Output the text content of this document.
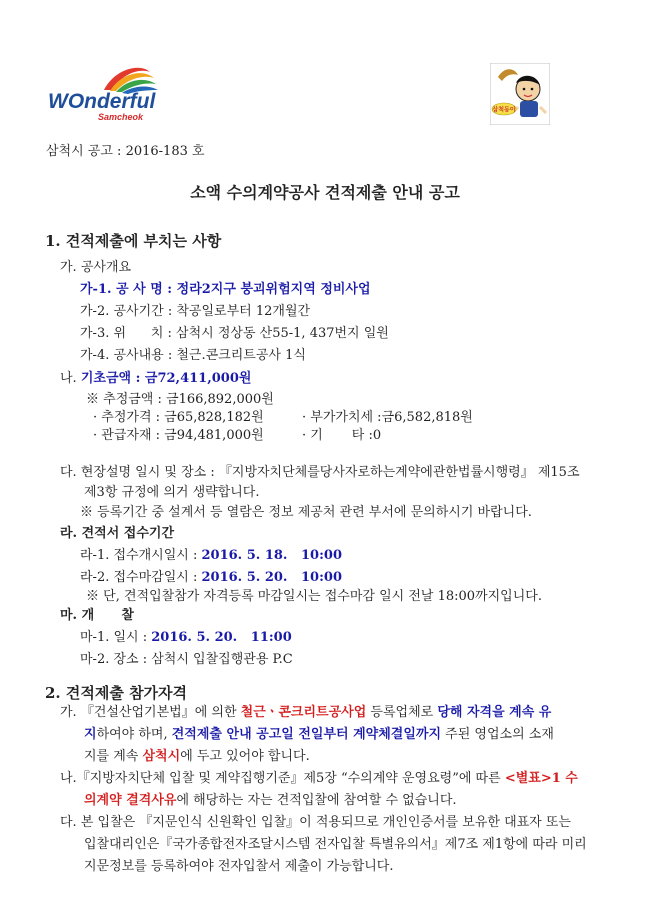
WOnderful
Samcheok
삼척동이
삼척시 공고 : 2016-183 호
소액 수의계약공사 견적제출 안내 공고
1. 견적제출에 부치는 사항
가. 공사개요
가-1. 공 사 명 : 정라2지구 붕괴위험지역 정비사업
가-2. 공사기간 : 착공일로부터 12개월간
가-3. 위      치 : 삼척시 정상동 산55-1, 437번지 일원
가-4. 공사내용 : 철근.콘크리트공사 1식
나. 기초금액 : 금72,411,000원
※ 추정금액 : 금166,892,000원
· 추정가격 : 금65,828,182원	· 부가가치세 :금6,582,818원
· 관급자재 : 금94,481,000원	· 기       타 :0
다. 현장설명 일시 및 장소 : 『지방자치단체를당사자로하는계약에관한법률시행령』 제15조
제3항 규정에 의거 생략합니다.
※ 등록기간 중 설계서 등 열람은 정보 제공처 관련 부서에 문의하시기 바랍니다.
라. 견적서 접수기간
라-1. 접수개시일시 : 2016. 5. 18.   10:00
라-2. 접수마감일시 : 2016. 5. 20.   10:00
※ 단, 견적입찰참가 자격등록 마감일시는 접수마감 일시 전날 18:00까지입니다.
마. 개      찰
마-1. 일시 : 2016. 5. 20.   11:00
마-2. 장소 : 삼척시 입찰집행관용 P.C
2. 견적제출 참가자격
가. 『건설산업기본법』에 의한 철근ㆍ콘크리트공사업 등록업체로 당해 자격을 계속 유
지하여야 하며, 견적제출 안내 공고일 전일부터 계약체결일까지 주된 영업소의 소재
지를 계속 삼척시에 두고 있어야 합니다.
나.『지방자치단체 입찰 및 계약집행기준』제5장 “수의계약 운영요령”에 따른 <별표>1 수
의계약 결격사유에 해당하는 자는 견적입찰에 참여할 수 없습니다.
다. 본 입찰은 『지문인식 신원확인 입찰』이 적용되므로 개인인증서를 보유한 대표자 또는
입찰대리인은『국가종합전자조달시스템 전자입찰 특별유의서』제7조 제1항에 따라 미리
지문정보를 등록하여야 전자입찰서 제출이 가능합니다.
